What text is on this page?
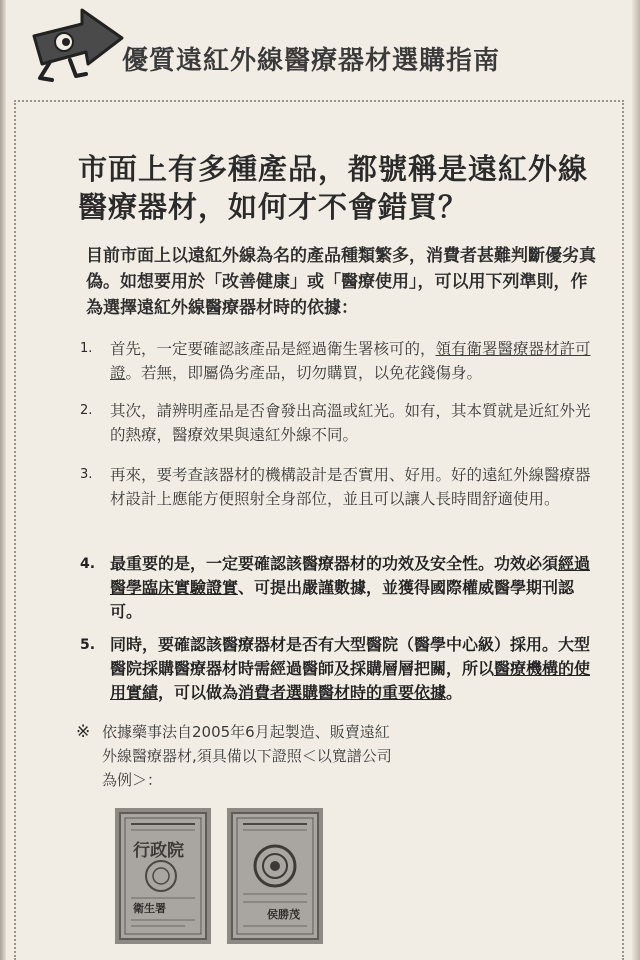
優質遠紅外線醫療器材選購指南
市面上有多種產品，都號稱是遠紅外線
醫療器材，如何才不會錯買？

目前市面上以遠紅外線為名的產品種類繁多，消費者甚難判斷優劣真偽。如想要用於「改善健康」或「醫療使用」，可以用下列準則，作為選擇遠紅外線醫療器材時的依據：

1. 首先，一定要確認該產品是經過衛生署核可的，領有衛署醫療器材許可證。若無，即屬偽劣產品，切勿購買，以免花錢傷身。
2. 其次，請辨明產品是否會發出高溫或紅光。如有，其本質就是近紅外光的熱療，醫療效果與遠紅外線不同。
3. 再來，要考查該器材的機構設計是否實用、好用。好的遠紅外線醫療器材設計上應能方便照射全身部位，並且可以讓人長時間舒適使用。
4. 最重要的是，一定要確認該醫療器材的功效及安全性。功效必須經過醫學臨床實驗證實、可提出嚴謹數據，並獲得國際權威醫學期刊認可。
5. 同時，要確認該醫療器材是否有大型醫院（醫學中心級）採用。大型醫院採購醫療器材時需經過醫師及採購層層把關，所以醫療機構的使用實績，可以做為消費者選購醫材時的重要依據。
※ 依據藥事法自2005年6月起製造、販賣遠紅外線醫療器材,須具備以下證照＜以寬譜公司為例＞：

行政院
衛生署	侯勝茂
